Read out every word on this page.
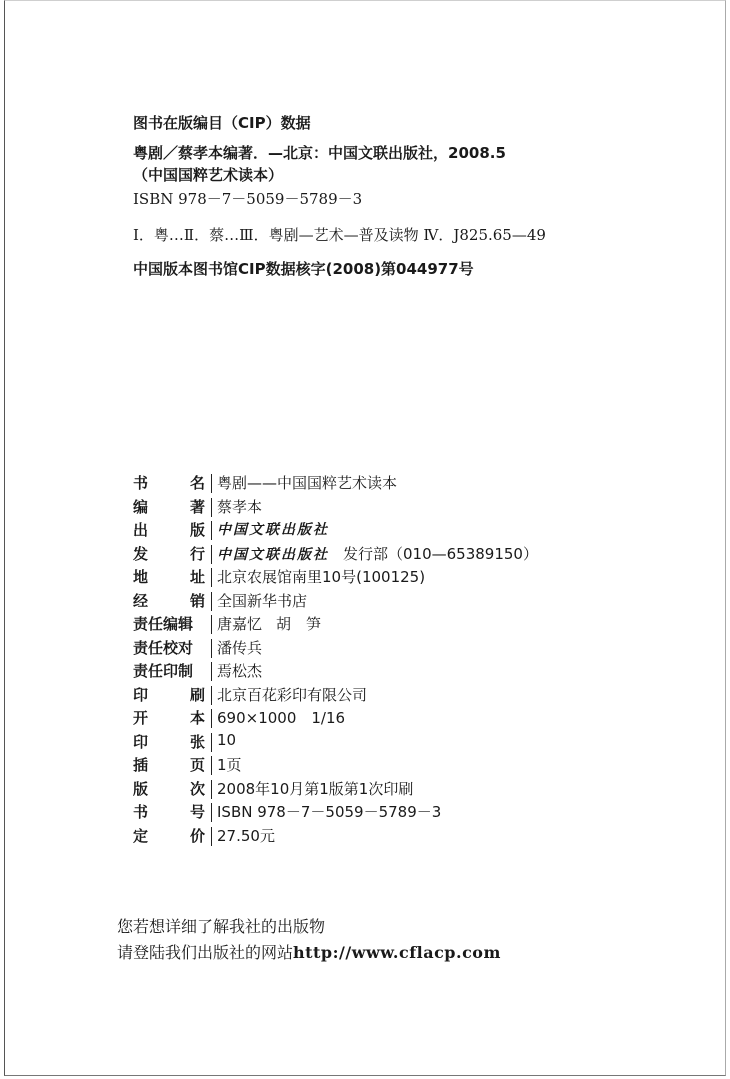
图书在版编目（CIP）数据
粤剧／蔡孝本编著．—北京：中国文联出版社，2008.5
（中国国粹艺术读本）
ISBN 978－7－5059－5789－3
Ⅰ．粤…Ⅱ．蔡…Ⅲ．粤剧—艺术—普及读物 Ⅳ．J825.65—49
中国版本图书馆CIP数据核字(2008)第044977号
书	名 粤剧——中国国粹艺术读本
编	著 蔡孝本
出	版 中国文联出版社
发	行 中国文联出版社 发行部（010—65389150）
地	址 北京农展馆南里10号(100125)
经	销 全国新华书店
责任编辑	唐嘉忆 胡　笋
责任校对	潘传兵
责任印制	焉松杰
印	刷 北京百花彩印有限公司
开	本 690×1000　1/16
印	张 10
插	页 1页
版	次 2008年10月第1版第1次印刷
书	号 ISBN 978－7－5059－5789－3
定	价 27.50元
您若想详细了解我社的出版物
请登陆我们出版社的网站http://www.cflacp.com
